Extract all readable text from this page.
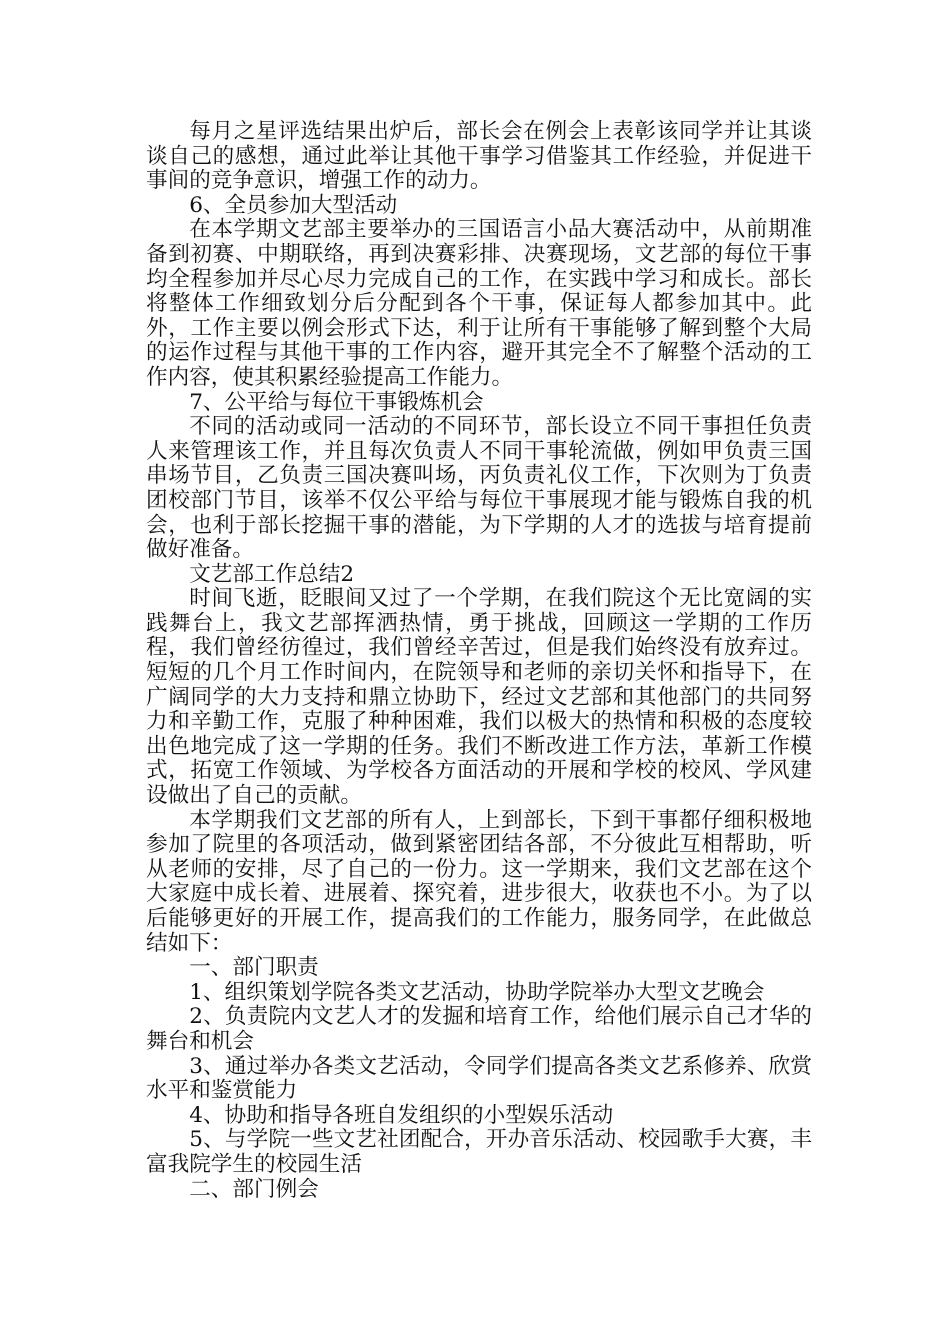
每月之星评选结果出炉后，部长会在例会上表彰该同学并让其谈谈自己的感想，通过此举让其他干事学习借鉴其工作经验，并促进干事间的竞争意识，增强工作的动力。

6、全员参加大型活动

在本学期文艺部主要举办的三国语言小品大赛活动中，从前期准备到初赛、中期联络，再到决赛彩排、决赛现场，文艺部的每位干事均全程参加并尽心尽力完成自己的工作，在实践中学习和成长。部长将整体工作细致划分后分配到各个干事，保证每人都参加其中。此外，工作主要以例会形式下达，利于让所有干事能够了解到整个大局的运作过程与其他干事的工作内容，避开其完全不了解整个活动的工作内容，使其积累经验提高工作能力。

7、公平给与每位干事锻炼机会

不同的活动或同一活动的不同环节，部长设立不同干事担任负责人来管理该工作，并且每次负责人不同干事轮流做，例如甲负责三国串场节目，乙负责三国决赛叫场，丙负责礼仪工作，下次则为丁负责团校部门节目，该举不仅公平给与每位干事展现才能与锻炼自我的机会，也利于部长挖掘干事的潜能，为下学期的人才的选拔与培育提前做好准备。

文艺部工作总结2

时间飞逝，眨眼间又过了一个学期，在我们院这个无比宽阔的实践舞台上，我文艺部挥洒热情，勇于挑战，回顾这一学期的工作历程，我们曾经彷徨过，我们曾经辛苦过，但是我们始终没有放弃过。短短的几个月工作时间内，在院领导和老师的亲切关怀和指导下，在广阔同学的大力支持和鼎立协助下，经过文艺部和其他部门的共同努力和辛勤工作，克服了种种困难，我们以极大的热情和积极的态度较出色地完成了这一学期的任务。我们不断改进工作方法，革新工作模式，拓宽工作领域、为学校各方面活动的开展和学校的校风、学风建设做出了自己的贡献。

本学期我们文艺部的所有人，上到部长，下到干事都仔细积极地参加了院里的各项活动，做到紧密团结各部，不分彼此互相帮助，听从老师的安排，尽了自己的一份力。这一学期来，我们文艺部在这个大家庭中成长着、进展着、探究着，进步很大，收获也不小。为了以后能够更好的开展工作，提高我们的工作能力，服务同学，在此做总结如下：

一、部门职责

1、组织策划学院各类文艺活动，协助学院举办大型文艺晚会

2、负责院内文艺人才的发掘和培育工作，给他们展示自己才华的舞台和机会

3、通过举办各类文艺活动，令同学们提高各类文艺系修养、欣赏水平和鉴赏能力

4、协助和指导各班自发组织的小型娱乐活动

5、与学院一些文艺社团配合，开办音乐活动、校园歌手大赛，丰富我院学生的校园生活

二、部门例会
